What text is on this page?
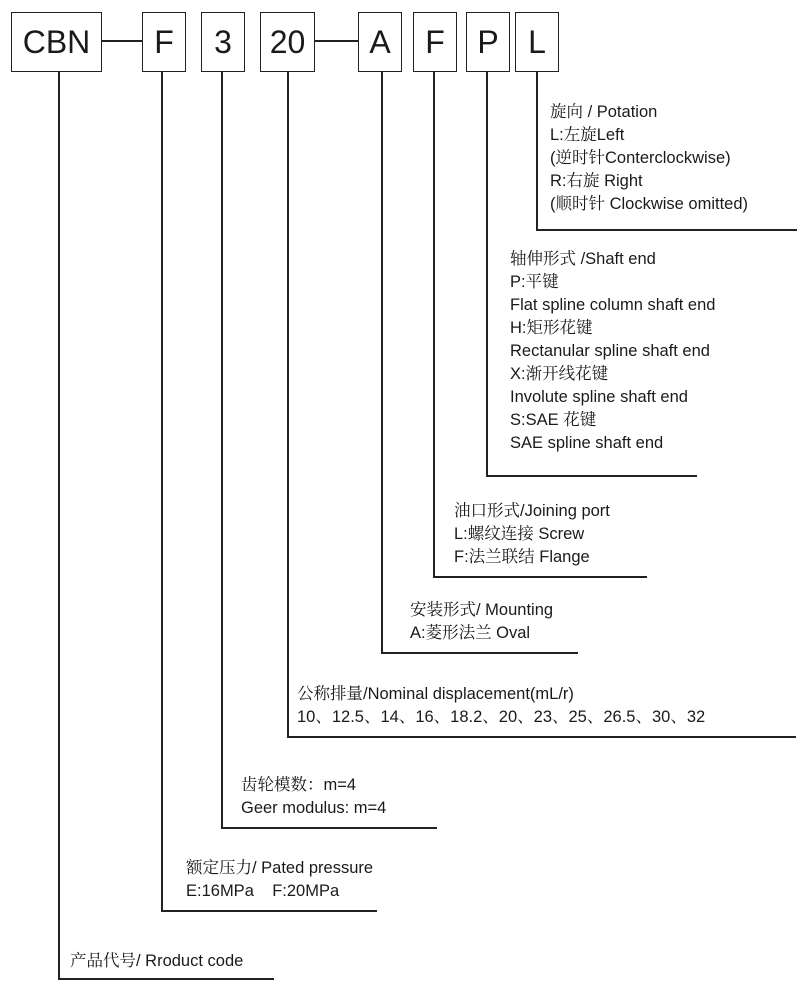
CBN	F	3	20	A	F	P L
旋向 / Potation
L:左旋Left
(逆时针Conterclockwise)
R:右旋 Right
(顺时针 Clockwise omitted)
轴伸形式 /Shaft end
P:平键
Flat spline column shaft end
H:矩形花键
Rectanular spline shaft end
X:渐开线花键
Involute spline shaft end
S:SAE 花键
SAE spline shaft end
油口形式/Joining port
L:螺纹连接 Screw
F:法兰联结 Flange
安装形式/ Mounting
A:菱形法兰 Oval
公称排量/Nominal displacement(mL/r)
10、12.5、14、16、18.2、20、23、25、26.5、30、32
齿轮模数：m=4
Geer modulus: m=4
额定压力/ Pated pressure
E:16MPa    F:20MPa
产品代号/ Rroduct code
